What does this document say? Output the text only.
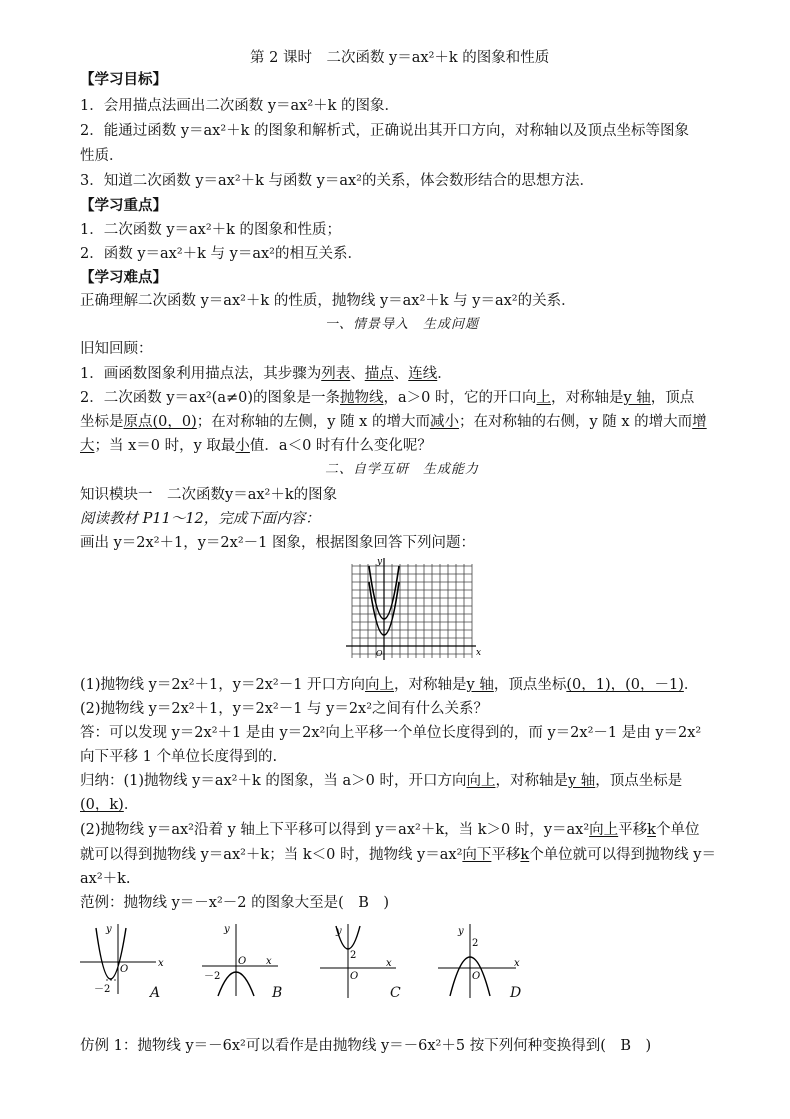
第 2 课时　二次函数 y＝ax²＋k 的图象和性质
【学习目标】
1．会用描点法画出二次函数 y＝ax²＋k 的图象．
2．能通过函数 y＝ax²＋k 的图象和解析式，正确说出其开口方向，对称轴以及顶点坐标等图象
性质．
3．知道二次函数 y＝ax²＋k 与函数 y＝ax²的关系，体会数形结合的思想方法．
【学习重点】
1．二次函数 y＝ax²＋k 的图象和性质；
2．函数 y＝ax²＋k 与 y＝ax²的相互关系．
【学习难点】
正确理解二次函数 y＝ax²＋k 的性质，抛物线 y＝ax²＋k 与 y＝ax²的关系．
一、情景导入　生成问题
旧知回顾：
1．画函数图象利用描点法，其步骤为列表、描点、连线．
2．二次函数 y＝ax²(a≠0)的图象是一条抛物线，a＞0 时，它的开口向上，对称轴是y 轴，顶点
坐标是原点(0，0)；在对称轴的左侧，y 随 x 的增大而减小；在对称轴的右侧，y 随 x 的增大而增
大；当 x＝0 时，y 取最小值．a＜0 时有什么变化呢？
二、自学互研　生成能力
知识模块一　二次函数y＝ax²＋k的图象
阅读教材 P11～12，完成下面内容：
画出 y＝2x²＋1，y＝2x²－1 图象，根据图象回答下列问题：
y
x
O
(1)抛物线 y＝2x²＋1，y＝2x²－1 开口方向向上，对称轴是y 轴，顶点坐标(0，1)，(0，－1)．
(2)抛物线 y＝2x²＋1，y＝2x²－1 与 y＝2x²之间有什么关系？
答：可以发现 y＝2x²＋1 是由 y＝2x²向上平移一个单位长度得到的，而 y＝2x²－1 是由 y＝2x²
向下平移 1 个单位长度得到的.
归纳：(1)抛物线 y＝ax²＋k 的图象，当 a＞0 时，开口方向向上，对称轴是y 轴，顶点坐标是
(0，k)．
(2)抛物线 y＝ax²沿着 y 轴上下平移可以得到 y＝ax²＋k，当 k＞0 时，y＝ax²向上平移k个单位
就可以得到抛物线 y＝ax²＋k；当 k＜0 时，抛物线 y＝ax²向下平移k个单位就可以得到抛物线 y＝
ax²＋k.
范例：抛物线 y＝－x²－2 的图象大至是(　B　)
y
x
O
－2	A
y
x
O
－2
B
y
x
O
2
C
y
x
O
2
D
仿例 1：抛物线 y＝－6x²可以看作是由抛物线 y＝－6x²＋5 按下列何种变换得到(　B　)
